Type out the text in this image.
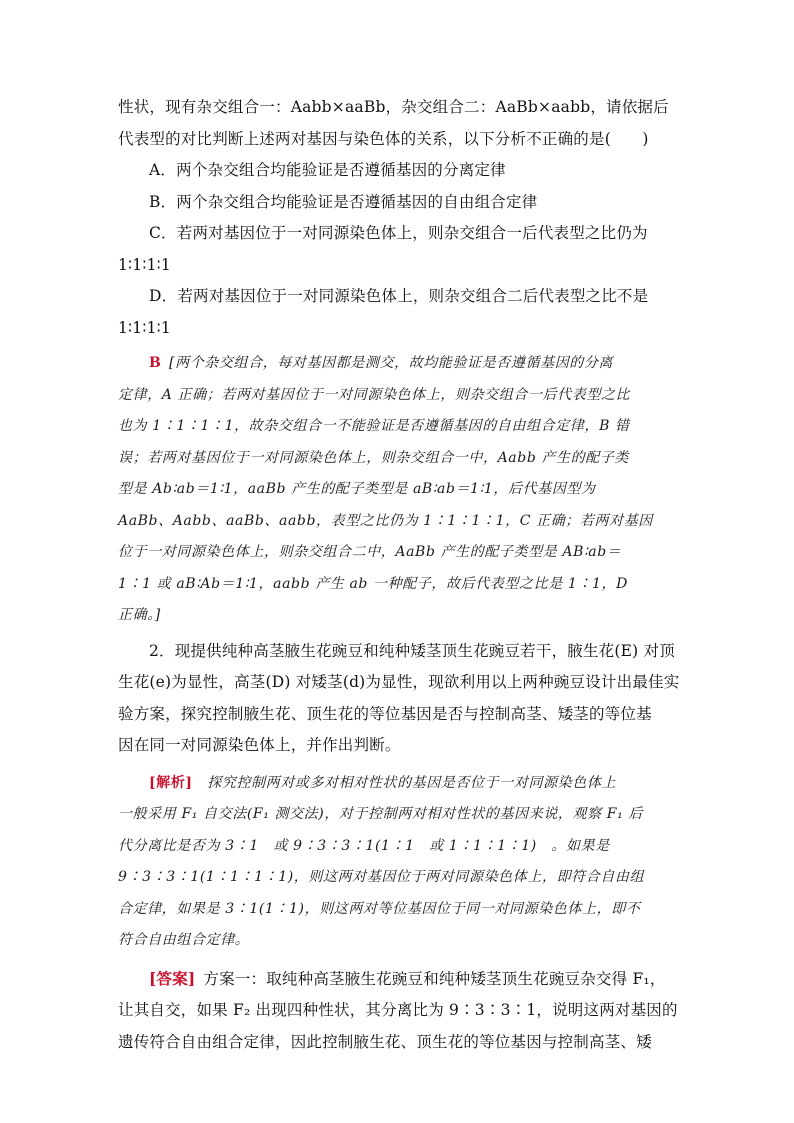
性状，现有杂交组合一：Aabb×aaBb，杂交组合二：AaBb×aabb，请依据后
代表型的对比判断上述两对基因与染色体的关系，以下分析不正确的是(　　)
A．两个杂交组合均能验证是否遵循基因的分离定律
B．两个杂交组合均能验证是否遵循基因的自由组合定律
C．若两对基因位于一对同源染色体上，则杂交组合一后代表型之比仍为
1∶1∶1∶1
D．若两对基因位于一对同源染色体上，则杂交组合二后代表型之比不是
1∶1∶1∶1
B  [两个杂交组合，每对基因都是测交，故均能验证是否遵循基因的分离
定律，A 正确；若两对基因位于一对同源染色体上，则杂交组合一后代表型之比
也为 1∶1∶1∶1，故杂交组合一不能验证是否遵循基因的自由组合定律，B 错
误；若两对基因位于一对同源染色体上，则杂交组合一中，Aabb 产生的配子类
型是 Ab∶ab＝1∶1，aaBb 产生的配子类型是 aB∶ab＝1∶1，后代基因型为
AaBb、Aabb、aaBb、aabb，表型之比仍为 1∶1∶1∶1，C 正确；若两对基因
位于一对同源染色体上，则杂交组合二中，AaBb 产生的配子类型是 AB∶ab＝
1∶1 或 aB∶Ab＝1∶1，aabb 产生 ab 一种配子，故后代表型之比是 1∶1，D
正确。]
2．现提供纯种高茎腋生花豌豆和纯种矮茎顶生花豌豆若干，腋生花(E) 对顶
生花(e)为显性，高茎(D) 对矮茎(d)为显性，现欲利用以上两种豌豆设计出最佳实
验方案，探究控制腋生花、顶生花的等位基因是否与控制高茎、矮茎的等位基
因在同一对同源染色体上，并作出判断。
[解析]  探究控制两对或多对相对性状的基因是否位于一对同源染色体上
一般采用 F₁ 自交法(F₁ 测交法)，对于控制两对相对性状的基因来说，观察 F₁ 后
代分离比是否为 3∶1　或 9∶3∶3∶1(1∶1　或 1∶1∶1∶1)　。如果是
9∶3∶3∶1(1∶1∶1∶1)，则这两对基因位于两对同源染色体上，即符合自由组
合定律，如果是 3∶1(1∶1)，则这两对等位基因位于同一对同源染色体上，即不
符合自由组合定律。
[答案]  方案一：取纯种高茎腋生花豌豆和纯种矮茎顶生花豌豆杂交得 F₁，
让其自交，如果 F₂ 出现四种性状，其分离比为 9∶3∶3∶1，说明这两对基因的
遗传符合自由组合定律，因此控制腋生花、顶生花的等位基因与控制高茎、矮
